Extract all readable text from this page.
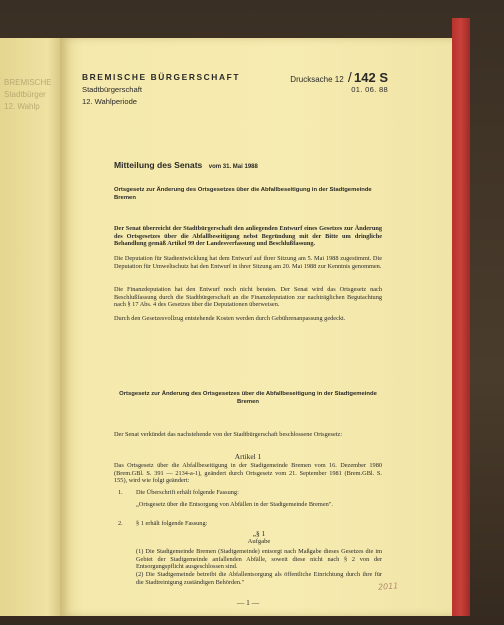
BREMISCHE
Stadtbürger
12. Wahlp
BREMISCHE BÜRGERSCHAFT
Stadtbürgerschaft
12. Wahlperiode
Drucksache 12 / 142 S
01. 06. 88
Mitteilung des Senats vom 31. Mai 1988
Ortsgesetz zur Änderung des Ortsgesetzes über die Abfallbeseitigung in der Stadtgemeinde Bremen
Der Senat überreicht der Stadtbürgerschaft den anliegenden Entwurf eines Gesetzes zur Änderung des Ortsgesetzes über die Abfallbeseitigung nebst Begründung mit der Bitte um dringliche Behandlung gemäß Artikel 99 der Landesverfassung und Beschlußfassung.
Die Deputation für Stadtentwicklung hat dem Entwurf auf ihrer Sitzung am 5. Mai 1988 zugestimmt. Die Deputation für Umweltschutz hat den Entwurf in ihrer Sitzung am 20. Mai 1988 zur Kenntnis genommen.
Die Finanzdeputation hat den Entwurf noch nicht beraten. Der Senat wird das Ortsgesetz nach Beschlußfassung durch die Stadtbürgerschaft an die Finanzdeputation zur nachträglichen Begutachtung nach § 17 Abs. 4 des Gesetzes über die Deputationen überweisen.
Durch den Gesetzesvollzug entstehende Kosten werden durch Gebührenanpassung gedeckt.
Ortsgesetz zur Änderung des Ortsgesetzes über die Abfallbeseitigung in der Stadtgemeinde Bremen
Der Senat verkündet das nachstehende von der Stadtbürgerschaft beschlossene Ortsgesetz:
Artikel 1
Das Ortsgesetz über die Abfallbeseitigung in der Stadtgemeinde Bremen vom 16. Dezember 1980 (Brem.GBl. S. 391 — 2134-a-1), geändert durch Ortsgesetz vom 21. September 1981 (Brem.GBl. S. 155), wird wie folgt geändert:
1. Die Überschrift erhält folgende Fassung:
„Ortsgesetz über die Entsorgung von Abfällen in der Stadtgemeinde Bremen".
2. § 1 erhält folgende Fassung:
„§ 1
Aufgabe
(1) Die Stadtgemeinde Bremen (Stadtgemeinde) entsorgt nach Maßgabe dieses Gesetzes die im Gebiet der Stadtgemeinde anfallenden Abfälle, soweit diese nicht nach § 2 von der Entsorgungspflicht ausgeschlossen sind.
(2) Die Stadtgemeinde betreibt die Abfallentsorgung als öffentliche Einrichtung durch ihre für die Stadtreinigung zuständigen Behörden."
— 1 —
2011
